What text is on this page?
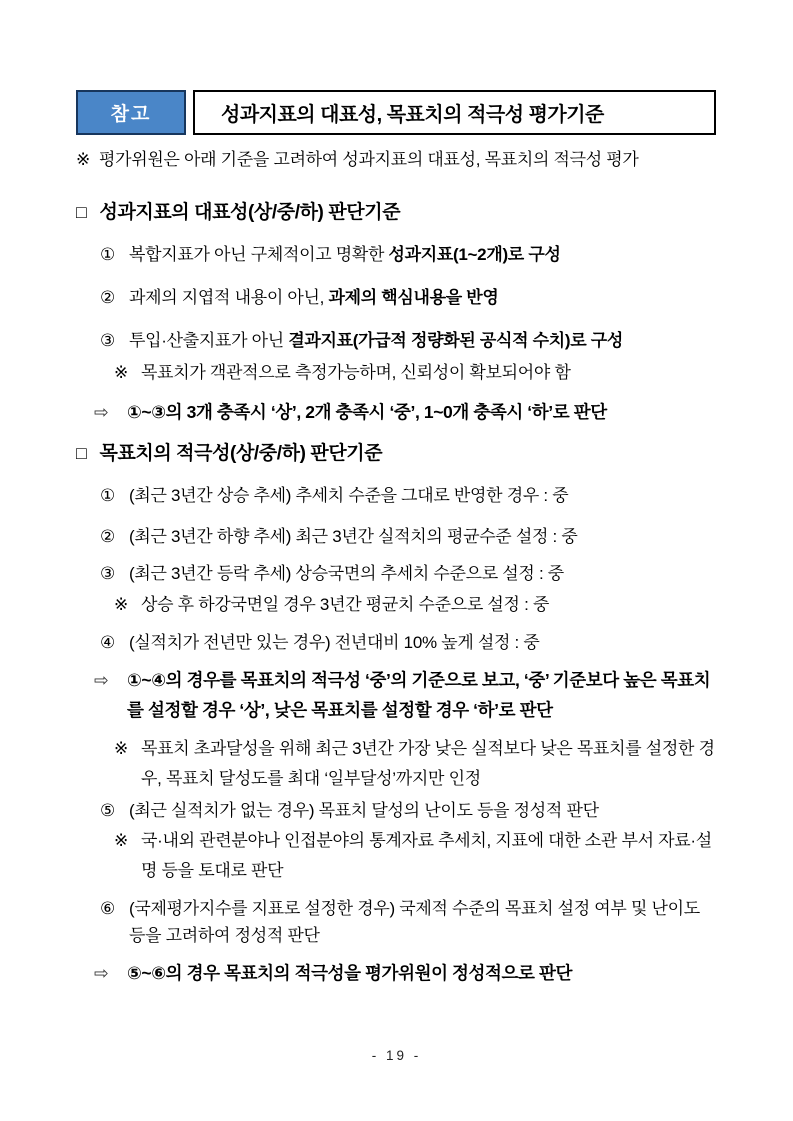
참고	성과지표의 대표성, 목표치의 적극성 평가기준
※ 평가위원은 아래 기준을 고려하여 성과지표의 대표성, 목표치의 적극성 평가
□ 성과지표의 대표성(상/중/하) 판단기준
① 복합지표가 아닌 구체적이고 명확한 성과지표(1~2개)로 구성
② 과제의 지엽적 내용이 아닌, 과제의 핵심내용을 반영
③ 투입·산출지표가 아닌 결과지표(가급적 정량화된 공식적 수치)로 구성
※ 목표치가 객관적으로 측정가능하며, 신뢰성이 확보되어야 함
⇨	①~③의 3개 충족시 ‘상’, 2개 충족시 ‘중’, 1~0개 충족시 ‘하’로 판단
□ 목표치의 적극성(상/중/하) 판단기준
① (최근 3년간 상승 추세) 추세치 수준을 그대로 반영한 경우 : 중
② (최근 3년간 하향 추세) 최근 3년간 실적치의 평균수준 설정 : 중
③ (최근 3년간 등락 추세) 상승국면의 추세치 수준으로 설정 : 중
※ 상승 후 하강국면일 경우 3년간 평균치 수준으로 설정 : 중
④ (실적치가 전년만 있는 경우) 전년대비 10% 높게 설정 : 중
⇨	①~④의 경우를 목표치의 적극성 ‘중’의 기준으로 보고, ‘중’ 기준보다 높은 목표치를 설정할 경우 ‘상’, 낮은 목표치를 설정할 경우 ‘하’로 판단
※ 목표치 초과달성을 위해 최근 3년간 가장 낮은 실적보다 낮은 목표치를 설정한 경우, 목표치 달성도를 최대 ‘일부달성’까지만 인정
⑤ (최근 실적치가 없는 경우) 목표치 달성의 난이도 등을 정성적 판단
※ 국·내외 관련분야나 인접분야의 통계자료 추세치, 지표에 대한 소관 부서 자료·설명 등을 토대로 판단
⑥ (국제평가지수를 지표로 설정한 경우) 국제적 수준의 목표치 설정 여부 및 난이도 등을 고려하여 정성적 판단
⇨	⑤~⑥의 경우 목표치의 적극성을 평가위원이 정성적으로 판단
- 19 -
